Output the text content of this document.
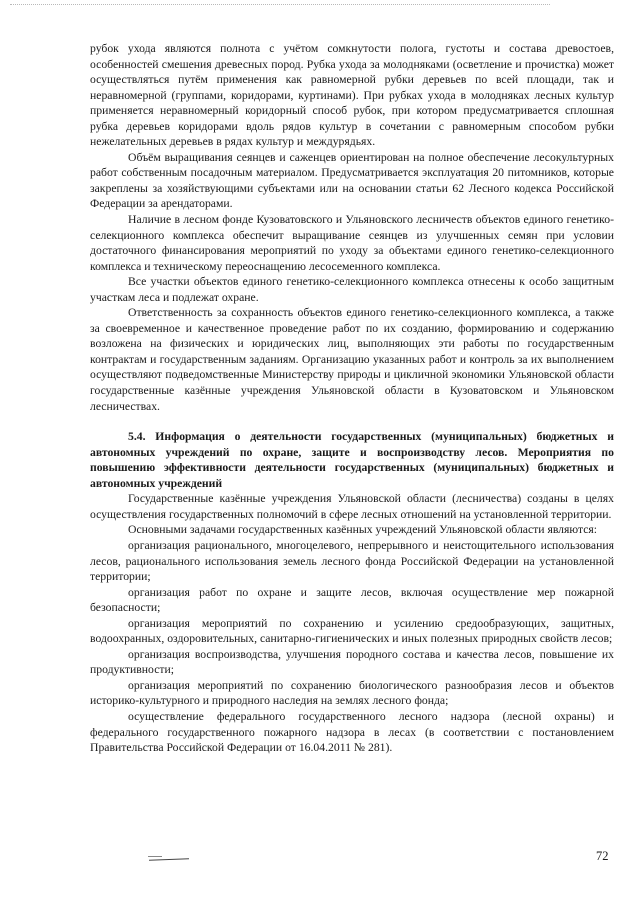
рубок ухода являются полнота с учётом сомкнутости полога, густоты и состава древостоев, особенностей смешения древесных пород. Рубка ухода за молодняками (осветление и прочистка) может осуществляться путём применения как равномерной рубки деревьев по всей площади, так и неравномерной (группами, коридорами, куртинами). При рубках ухода в молодняках лесных культур применяется неравномерный коридорный способ рубок, при котором предусматривается сплошная рубка деревьев коридорами вдоль рядов культур в сочетании с равномерным способом рубки нежелательных деревьев в рядах культур и междурядьях.

Объём выращивания сеянцев и саженцев ориентирован на полное обеспечение лесокультурных работ собственным посадочным материалом. Предусматривается эксплуатация 20 питомников, которые закреплены за хозяйствующими субъектами или на основании статьи 62 Лесного кодекса Российской Федерации за арендаторами.

Наличие в лесном фонде Кузоватовского и Ульяновского лесничеств объектов единого генетико-селекционного комплекса обеспечит выращивание сеянцев из улучшенных семян при условии достаточного финансирования мероприятий по уходу за объектами единого генетико-селекционного комплекса и техническому переоснащению лесосеменного комплекса.

Все участки объектов единого генетико-селекционного комплекса отнесены к особо защитным участкам леса и подлежат охране.

Ответственность за сохранность объектов единого генетико-селекционного комплекса, а также за своевременное и качественное проведение работ по их созданию, формированию и содержанию возложена на физических и юридических лиц, выполняющих эти работы по государственным контрактам и государственным заданиям. Организацию указанных работ и контроль за их выполнением осуществляют подведомственные Министерству природы и цикличной экономики Ульяновской области государственные казённые учреждения Ульяновской области в Кузоватовском и Ульяновском лесничествах.

5.4. Информация о деятельности государственных (муниципальных) бюджетных и автономных учреждений по охране, защите и воспроизводству лесов. Мероприятия по повышению эффективности деятельности государственных (муниципальных) бюджетных и автономных учреждений

Государственные казённые учреждения Ульяновской области (лесничества) созданы в целях осуществления государственных полномочий в сфере лесных отношений на установленной территории.

Основными задачами государственных казённых учреждений Ульяновской области являются:

организация рационального, многоцелевого, непрерывного и неистощительного использования лесов, рационального использования земель лесного фонда Российской Федерации на установленной территории;

организация работ по охране и защите лесов, включая осуществление мер пожарной безопасности;

организация мероприятий по сохранению и усилению средообразующих, защитных, водоохранных, оздоровительных, санитарно-гигиенических и иных полезных природных свойств лесов;

организация воспроизводства, улучшения породного состава и качества лесов, повышение их продуктивности;

организация мероприятий по сохранению биологического разнообразия лесов и объектов историко-культурного и природного наследия на землях лесного фонда;

осуществление федерального государственного лесного надзора (лесной охраны) и федерального государственного пожарного надзора в лесах (в соответствии с постановлением Правительства Российской Федерации от 16.04.2011 № 281).

72
